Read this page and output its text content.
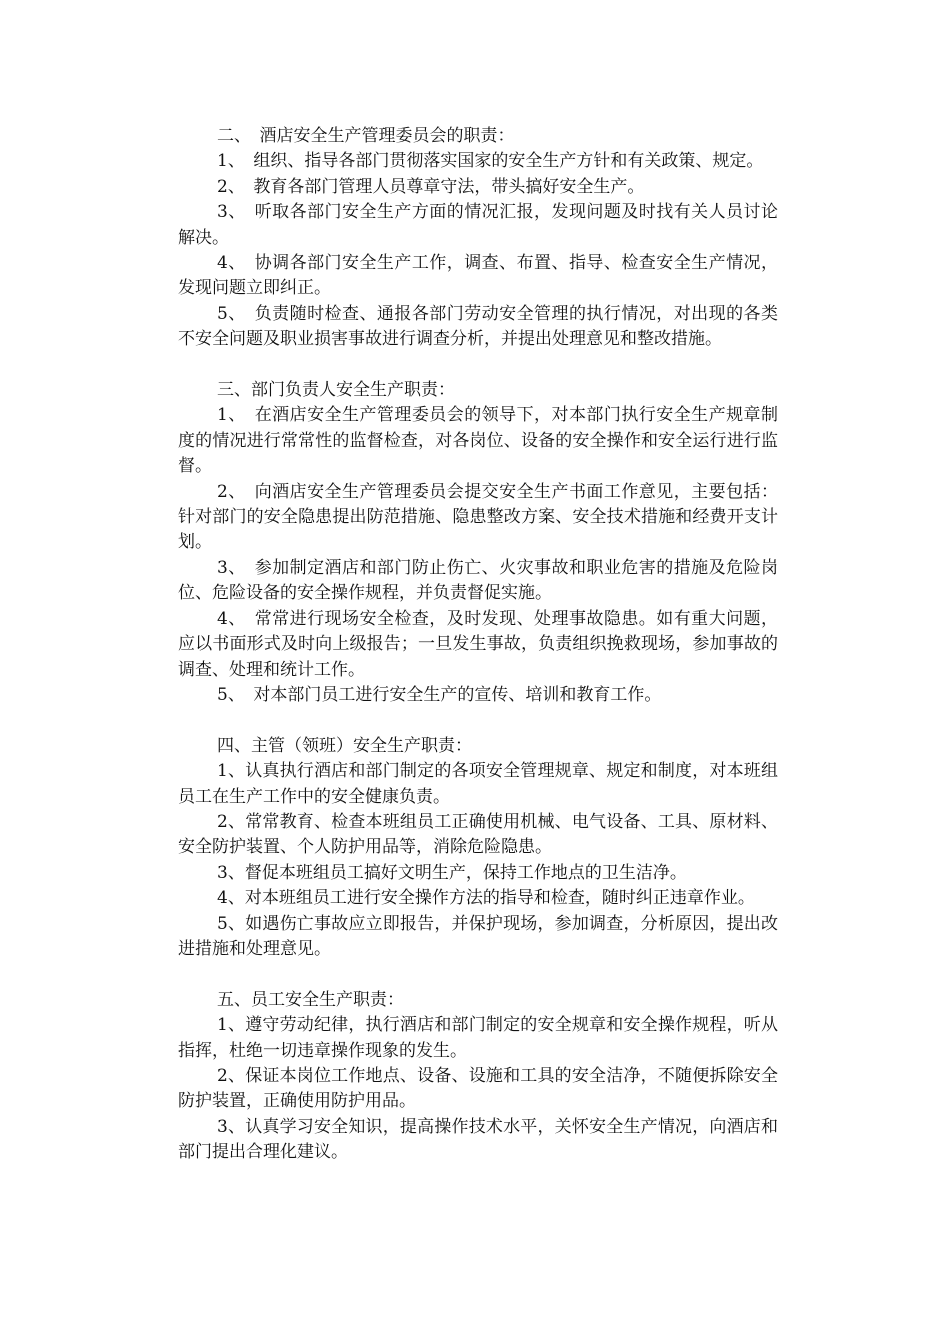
二、　酒店安全生产管理委员会的职责：

1、　组织、指导各部门贯彻落实国家的安全生产方针和有关政策、规定。

2、　教育各部门管理人员尊章守法，带头搞好安全生产。

3、　听取各部门安全生产方面的情况汇报，发现问题及时找有关人员讨论解决。

4、　协调各部门安全生产工作，调查、布置、指导、检查安全生产情况，发现问题立即纠正。

5、　负责随时检查、通报各部门劳动安全管理的执行情况，对出现的各类不安全问题及职业损害事故进行调查分析，并提出处理意见和整改措施。

三、部门负责人安全生产职责：

1、　在酒店安全生产管理委员会的领导下，对本部门执行安全生产规章制度的情况进行常常性的监督检查，对各岗位、设备的安全操作和安全运行进行监督。

2、　向酒店安全生产管理委员会提交安全生产书面工作意见，主要包括：针对部门的安全隐患提出防范措施、隐患整改方案、安全技术措施和经费开支计划。

3、　参加制定酒店和部门防止伤亡、火灾事故和职业危害的措施及危险岗位、危险设备的安全操作规程，并负责督促实施。

4、　常常进行现场安全检查，及时发现、处理事故隐患。如有重大问题，应以书面形式及时向上级报告；一旦发生事故，负责组织挽救现场，参加事故的调查、处理和统计工作。

5、　对本部门员工进行安全生产的宣传、培训和教育工作。

四、主管（领班）安全生产职责：

1、认真执行酒店和部门制定的各项安全管理规章、规定和制度，对本班组员工在生产工作中的安全健康负责。

2、常常教育、检查本班组员工正确使用机械、电气设备、工具、原材料、安全防护装置、个人防护用品等，消除危险隐患。

3、督促本班组员工搞好文明生产，保持工作地点的卫生洁净。

4、对本班组员工进行安全操作方法的指导和检查，随时纠正违章作业。

5、如遇伤亡事故应立即报告，并保护现场，参加调查，分析原因，提出改进措施和处理意见。

五、员工安全生产职责：

1、遵守劳动纪律，执行酒店和部门制定的安全规章和安全操作规程，听从指挥，杜绝一切违章操作现象的发生。

2、保证本岗位工作地点、设备、设施和工具的安全洁净，不随便拆除安全防护装置，正确使用防护用品。

3、认真学习安全知识，提高操作技术水平，关怀安全生产情况，向酒店和部门提出合理化建议。
